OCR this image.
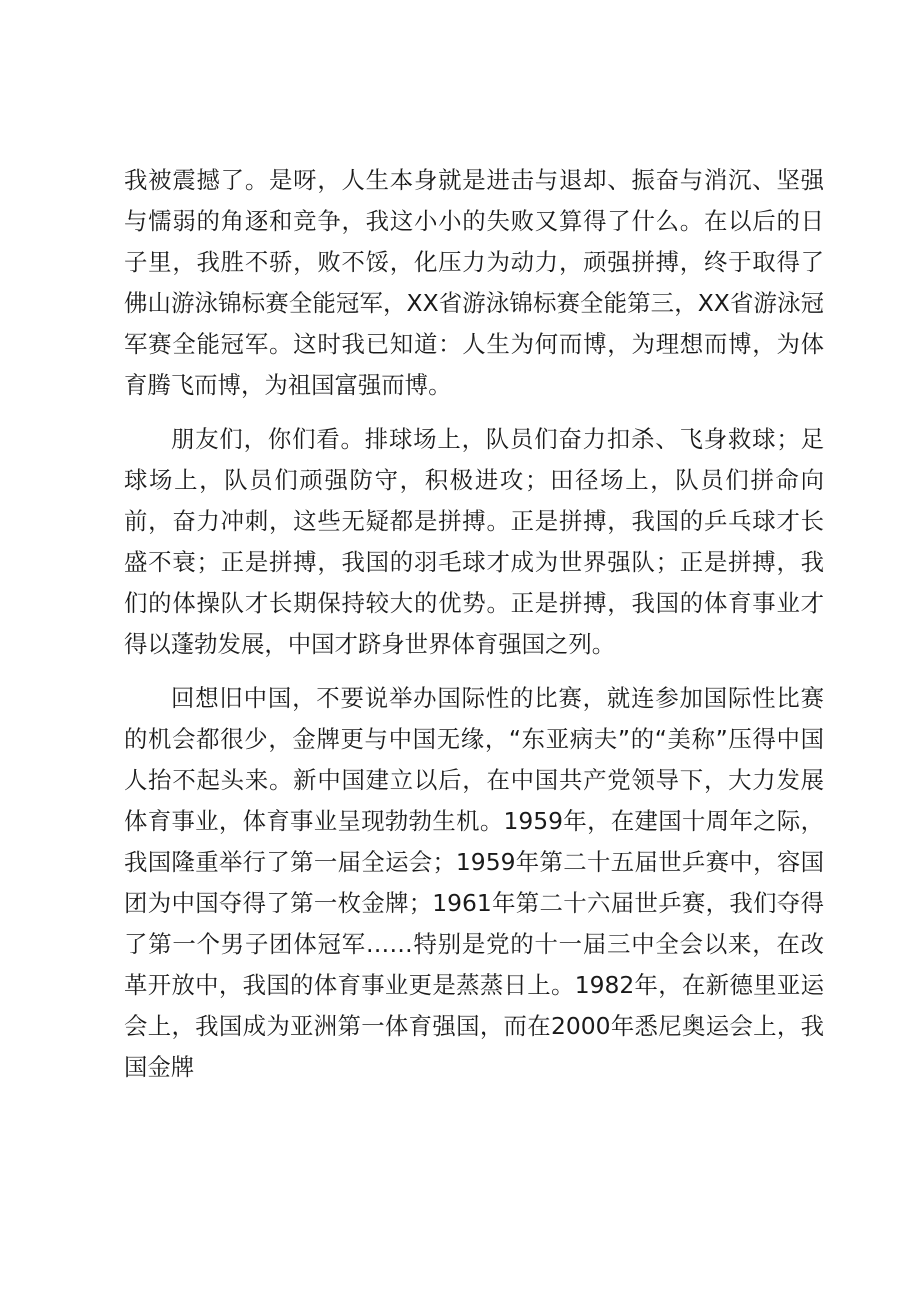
我被震撼了。是呀，人生本身就是进击与退却、振奋与消沉、坚强与懦弱的角逐和竞争，我这小小的失败又算得了什么。在以后的日子里，我胜不骄，败不馁，化压力为动力，顽强拼搏，终于取得了佛山游泳锦标赛全能冠军，XX省游泳锦标赛全能第三，XX省游泳冠军赛全能冠军。这时我已知道：人生为何而博，为理想而博，为体育腾飞而博，为祖国富强而博。

朋友们，你们看。排球场上，队员们奋力扣杀、飞身救球；足球场上，队员们顽强防守，积极进攻；田径场上，队员们拼命向前，奋力冲刺，这些无疑都是拼搏。正是拼搏，我国的乒乓球才长盛不衰；正是拼搏，我国的羽毛球才成为世界强队；正是拼搏，我们的体操队才长期保持较大的优势。正是拼搏，我国的体育事业才得以蓬勃发展，中国才跻身世界体育强国之列。

回想旧中国，不要说举办国际性的比赛，就连参加国际性比赛的机会都很少，金牌更与中国无缘，“东亚病夫”的“美称”压得中国人抬不起头来。新中国建立以后，在中国共产党领导下，大力发展体育事业，体育事业呈现勃勃生机。1959年，在建国十周年之际，我国隆重举行了第一届全运会；1959年第二十五届世乒赛中，容国团为中国夺得了第一枚金牌；1961年第二十六届世乒赛，我们夺得了第一个男子团体冠军……特别是党的十一届三中全会以来，在改革开放中，我国的体育事业更是蒸蒸日上。1982年，在新德里亚运会上，我国成为亚洲第一体育强国，而在2000年悉尼奥运会上，我国金牌
